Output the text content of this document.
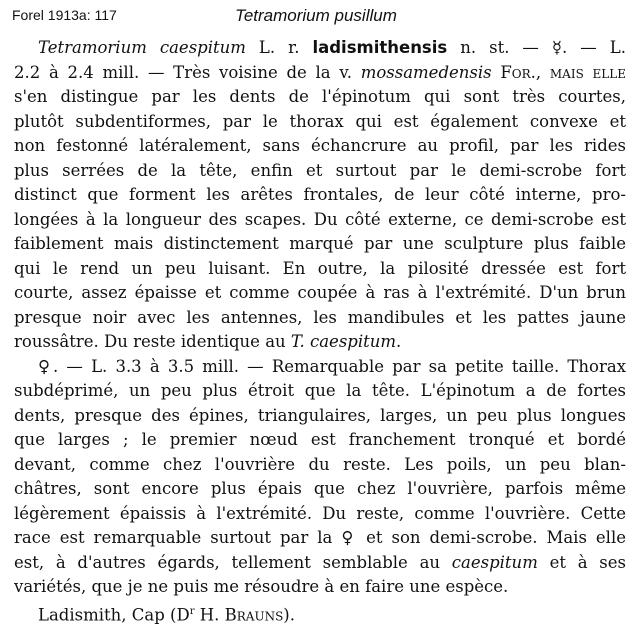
Forel 1913a: 117	Tetramorium pusillum
Tetramorium caespitum L. r. ladismithensis n. st. — ☿. — L.
2.2 à 2.4 mill. — Très voisine de la v. mossamedensis For., mais elle
s'en distingue par les dents de l'épinotum qui sont très courtes,
plutôt subdentiformes, par le thorax qui est également convexe et
non festonné latéralement, sans échancrure au profil, par les rides
plus serrées de la tête, enfin et surtout par le demi-scrobe fort
distinct que forment les arêtes frontales, de leur côté interne, pro-
longées à la longueur des scapes. Du côté externe, ce demi-scrobe est
faiblement mais distinctement marqué par une sculpture plus faible
qui le rend un peu luisant. En outre, la pilosité dressée est fort
courte, assez épaisse et comme coupée à ras à l'extrémité. D'un brun
presque noir avec les antennes, les mandibules et les pattes jaune
roussâtre. Du reste identique au T. caespitum.
♀. — L. 3.3 à 3.5 mill. — Remarquable par sa petite taille. Thorax
subdéprimé, un peu plus étroit que la tête. L'épinotum a de fortes
dents, presque des épines, triangulaires, larges, un peu plus longues
que larges ; le premier nœud est franchement tronqué et bordé
devant, comme chez l'ouvrière du reste. Les poils, un peu blan-
châtres, sont encore plus épais que chez l'ouvrière, parfois même
légèrement épaissis à l'extrémité. Du reste, comme l'ouvrière. Cette
race est remarquable surtout par la ♀ et son demi-scrobe. Mais elle
est, à d'autres égards, tellement semblable au caespitum et à ses
variétés, que je ne puis me résoudre à en faire une espèce.
Ladismith, Cap ($D^r$ H. Brauns).
